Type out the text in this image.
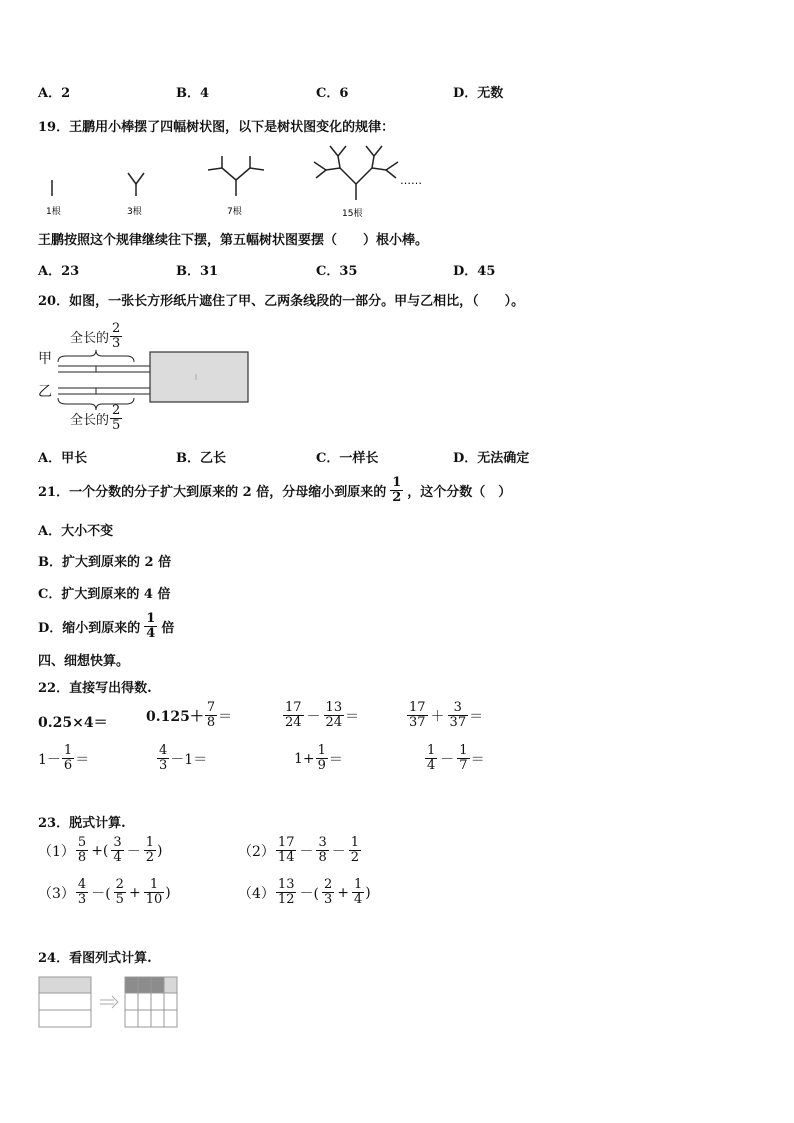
A．2	B．4	C．6	D．无数
19．王鹏用小棒摆了四幅树状图，以下是树状图变化的规律：
1根	3根	7根	15根
……
王鹏按照这个规律继续往下摆，第五幅树状图要摆（　　）根小棒。
A．23	B．31	C．35	D．45
20．如图，一张长方形纸片遮住了甲、乙两条线段的一部分。甲与乙相比，（　　）。
全长的 $\frac{2}{3}$
甲
乙
全长的 $\frac{2}{5}$
A．甲长	B．乙长	C．一样长	D．无法确定
21．一个分数的分子扩大到原来的 2 倍，分母缩小到原来的 $\frac{1}{2}$ ，这个分数（　）
A．大小不变
B．扩大到原来的 2 倍
C．扩大到原来的 4 倍
D．缩小到原来的 $\frac{1}{4}$ 倍
四、细想快算。
22．直接写出得数.
0.25×4＝	$0.125+ \frac{7}{8}$ ＝	$\frac{17}{24} - \frac{13}{24}$ ＝	$\frac{17}{37} + \frac{3}{37}$ ＝
$1- \frac{1}{6}$ ＝	$\frac{4}{3} -1=$	$1+ \frac{1}{9}$ ＝	$\frac{1}{4} - \frac{1}{7}$ ＝
23．脱式计算.
$(1) \frac{5}{8}$ +( $\frac{3}{4} - \frac{1}{2}$ )	$(2) \frac{17}{14} - \frac{3}{8} - \frac{1}{2}$
$(3) \frac{4}{3}$ －( $\frac{2}{5} + \frac{1}{10}$ )	$(4) \frac{13}{12}$ －( $\frac{2}{3} + \frac{1}{4}$ )
24．看图列式计算.
